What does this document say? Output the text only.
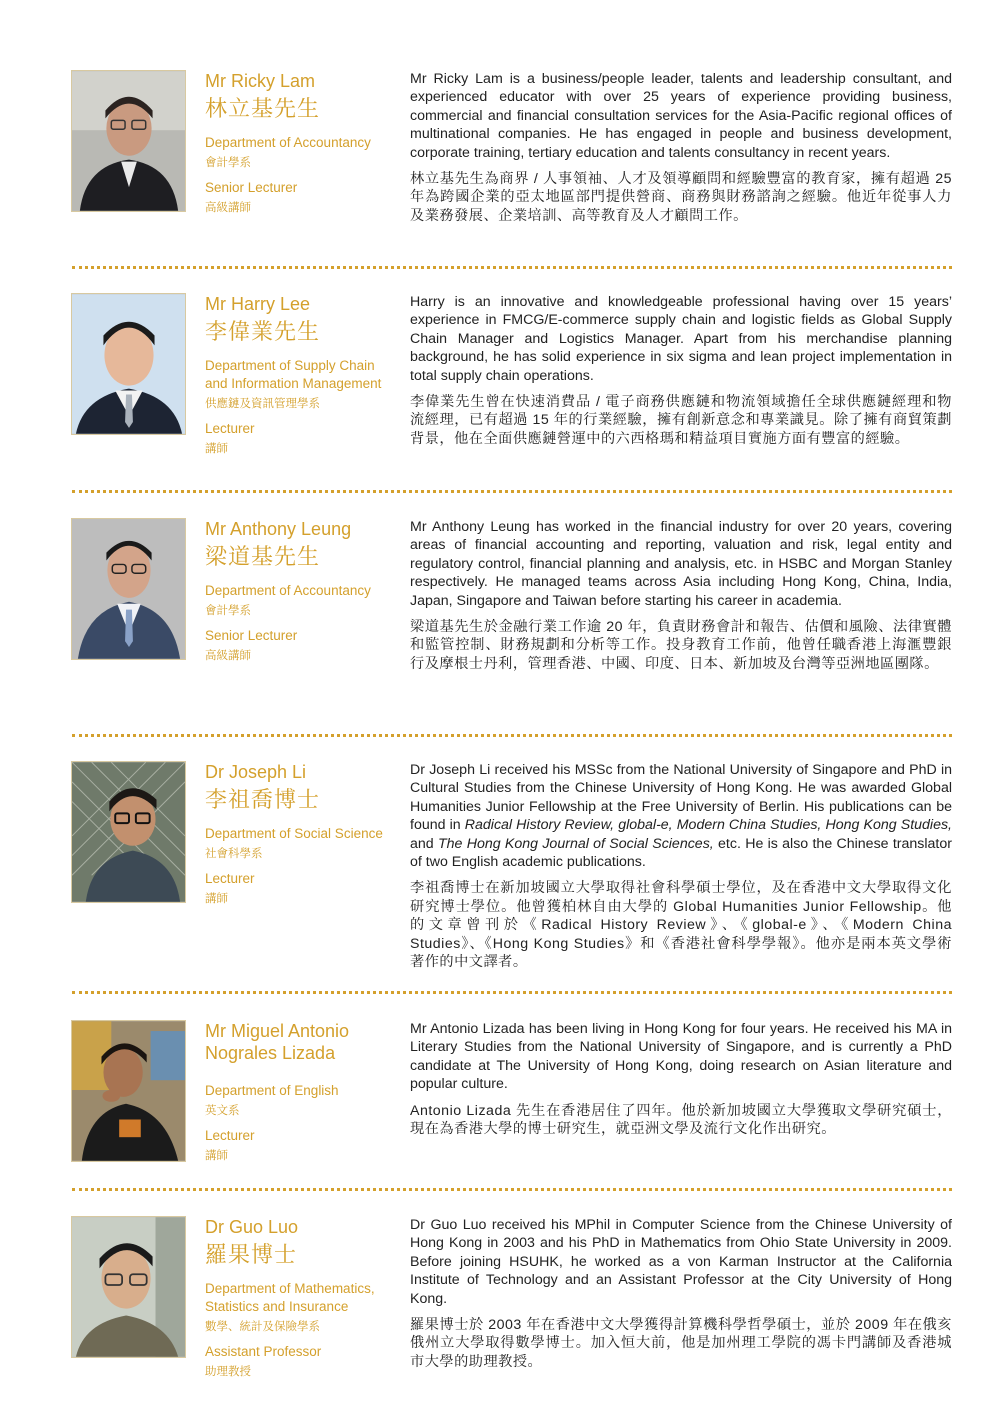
Mr Ricky Lam
林立基先生
Department of Accountancy
會計學系
Senior Lecturer
高級講師

Mr Ricky Lam is a business/people leader, talents and leadership consultant, and experienced educator with over 25 years of experience providing business, commercial and financial consultation services for the Asia-Pacific regional offices of multinational companies. He has engaged in people and business development, corporate training, tertiary education and talents consultancy in recent years.

林立基先生為商界 / 人事領袖、人才及領導顧問和經驗豐富的教育家，擁有超過 25 年為跨國企業的亞太地區部門提供營商、商務與財務諮詢之經驗。他近年從事人力及業務發展、企業培訓、高等教育及人才顧問工作。

Mr Harry Lee
李偉業先生
Department of Supply Chain and Information Management
供應鏈及資訊管理學系
Lecturer
講師

Harry is an innovative and knowledgeable professional having over 15 years’ experience in FMCG/E-commerce supply chain and logistic fields as Global Supply Chain Manager and Logistics Manager. Apart from his merchandise planning background, he has solid experience in six sigma and lean project implementation in total supply chain operations.

李偉業先生曾在快速消費品 / 電子商務供應鏈和物流領域擔任全球供應鏈經理和物流經理，已有超過 15 年的行業經驗，擁有創新意念和專業識見。除了擁有商貿策劃背景，他在全面供應鏈營運中的六西格瑪和精益項目實施方面有豐富的經驗。

Mr Anthony Leung
梁道基先生
Department of Accountancy
會計學系
Senior Lecturer
高級講師

Mr Anthony Leung has worked in the financial industry for over 20 years, covering areas of financial accounting and reporting, valuation and risk, legal entity and regulatory control, financial planning and analysis, etc. in HSBC and Morgan Stanley respectively. He managed teams across Asia including Hong Kong, China, India, Japan, Singapore and Taiwan before starting his career in academia.

梁道基先生於金融行業工作逾 20 年，負責財務會計和報告、估價和風險、法律實體和監管控制、財務規劃和分析等工作。投身教育工作前，他曾任職香港上海滙豐銀行及摩根士丹利，管理香港、中國、印度、日本、新加坡及台灣等亞洲地區團隊。

Dr Joseph Li
李祖喬博士
Department of Social Science
社會科學系
Lecturer
講師

Dr Joseph Li received his MSSc from the National University of Singapore and PhD in Cultural Studies from the Chinese University of Hong Kong. He was awarded Global Humanities Junior Fellowship at the Free University of Berlin. His publications can be found in Radical History Review, global-e, Modern China Studies, Hong Kong Studies, and The Hong Kong Journal of Social Sciences, etc. He is also the Chinese translator of two English academic publications.

李祖喬博士在新加坡國立大學取得社會科學碩士學位，及在香港中文大學取得文化研究博士學位。他曾獲柏林自由大學的 Global Humanities Junior Fellowship。他的文章曾刊於《Radical History Review》、《global-e》、《Modern China Studies》、《Hong Kong Studies》和《香港社會科學學報》。他亦是兩本英文學術著作的中文譯者。

Mr Miguel Antonio Nograles Lizada
Department of English
英文系
Lecturer
講師

Mr Antonio Lizada has been living in Hong Kong for four years. He received his MA in Literary Studies from the National University of Singapore, and is currently a PhD candidate at The University of Hong Kong, doing research on Asian literature and popular culture.

Antonio Lizada 先生在香港居住了四年。他於新加坡國立大學獲取文學研究碩士，現在為香港大學的博士研究生，就亞洲文學及流行文化作出研究。

Dr Guo Luo
羅果博士
Department of Mathematics, Statistics and Insurance
數學、統計及保險學系
Assistant Professor
助理教授

Dr Guo Luo received his MPhil in Computer Science from the Chinese University of Hong Kong in 2003 and his PhD in Mathematics from Ohio State University in 2009. Before joining HSUHK, he worked as a von Karman Instructor at the California Institute of Technology and an Assistant Professor at the City University of Hong Kong.

羅果博士於 2003 年在香港中文大學獲得計算機科學哲學碩士，並於 2009 年在俄亥俄州立大學取得數學博士。加入恒大前，他是加州理工學院的馮卡門講師及香港城市大學的助理教授。
